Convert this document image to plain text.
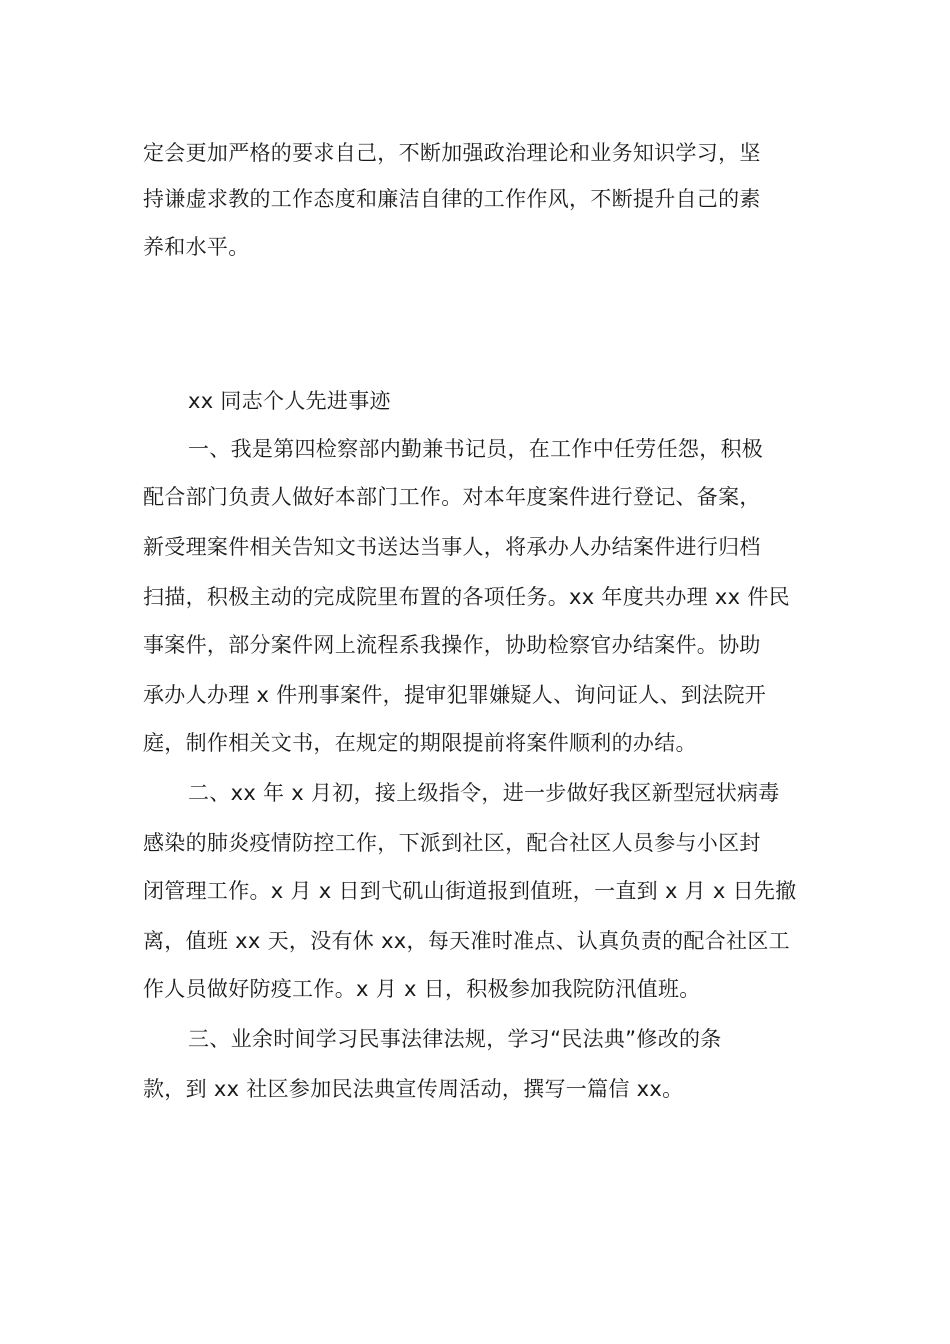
定会更加严格的要求自己，不断加强政治理论和业务知识学习，坚
持谦虚求教的工作态度和廉洁自律的工作作风，不断提升自己的素
养和水平。
xx 同志个人先进事迹
一、我是第四检察部内勤兼书记员，在工作中任劳任怨，积极
配合部门负责人做好本部门工作。对本年度案件进行登记、备案，
新受理案件相关告知文书送达当事人，将承办人办结案件进行归档
扫描，积极主动的完成院里布置的各项任务。xx 年度共办理 xx 件民
事案件，部分案件网上流程系我操作，协助检察官办结案件。协助
承办人办理 x 件刑事案件，提审犯罪嫌疑人、询问证人、到法院开
庭，制作相关文书，在规定的期限提前将案件顺利的办结。
二、xx 年 x 月初，接上级指令，进一步做好我区新型冠状病毒
感染的肺炎疫情防控工作，下派到社区，配合社区人员参与小区封
闭管理工作。x 月 x 日到弋矶山街道报到值班，一直到 x 月 x 日先撤
离，值班 xx 天，没有休 xx，每天准时准点、认真负责的配合社区工
作人员做好防疫工作。x 月 x 日，积极参加我院防汛值班。
三、业余时间学习民事法律法规，学习“民法典”修改的条
款，到 xx 社区参加民法典宣传周活动，撰写一篇信 xx。
